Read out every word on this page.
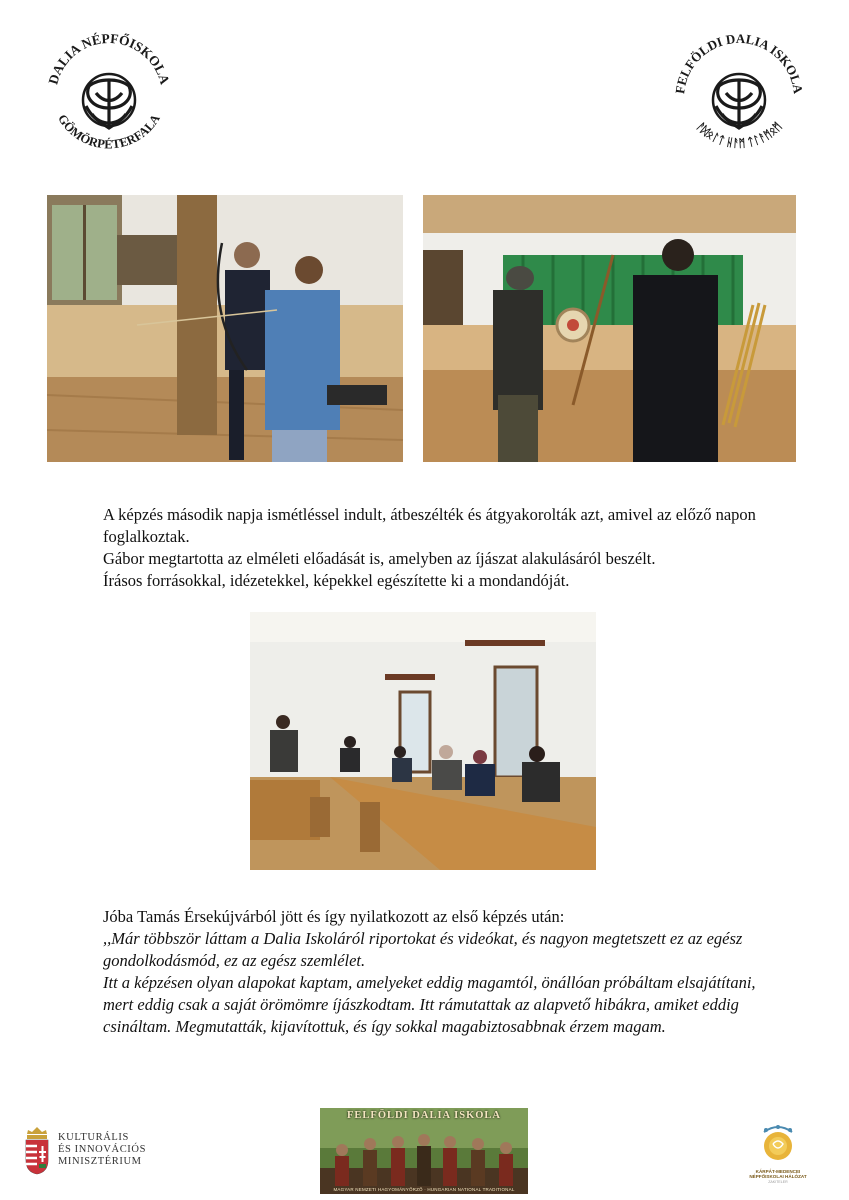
DALIA NÉPFŐISKOLA
GÖMÖRPÉTERFALA
FELFÖLDI DALIA ISKOLA
ᚨᛞᛟᛚᛏ ᚺᚨᛗ ᛏᛚᚨᛗᛟᛗ

A képzés második napja ismétléssel indult, átbeszélték és átgyakorolták azt, amivel az előző napon foglalkoztak.

Gábor megtartotta az elméleti előadását is, amelyben az íjászat alakulásáról beszélt.

Írásos forrásokkal, idézetekkel, képekkel egészítette ki a mondandóját.

Jóba Tamás Érsekújvárból jött és így nyilatkozott az első képzés után:

,,Már többször láttam a Dalia Iskoláról riportokat és videókat, és nagyon megtetszett ez az egész gondolkodásmód, ez az egész szemlélet.

Itt a képzésen olyan alapokat kaptam, amelyeket eddig magamtól, önállóan próbáltam elsajátítani, mert eddig csak a saját örömömre íjászkodtam. Itt rámutattak az alapvető hibákra, amiket eddig csináltam. Megmutatták, kijavítottuk, és így sokkal magabiztosabbnak érzem magam.

KULTURÁLIS
ÉS INNOVÁCIÓS
MINISZTÉRIUM
FELFÖLDI DALIA ISKOLA
MAGYAR NEMZETI HAGYOMÁNYŐRZŐ · HUNGARIAN NATIONAL TRADITIONAL
KÁRPÁT-MEDENCEI
NÉPFŐISKOLAI HÁLÓZAT
ZAKITELER
